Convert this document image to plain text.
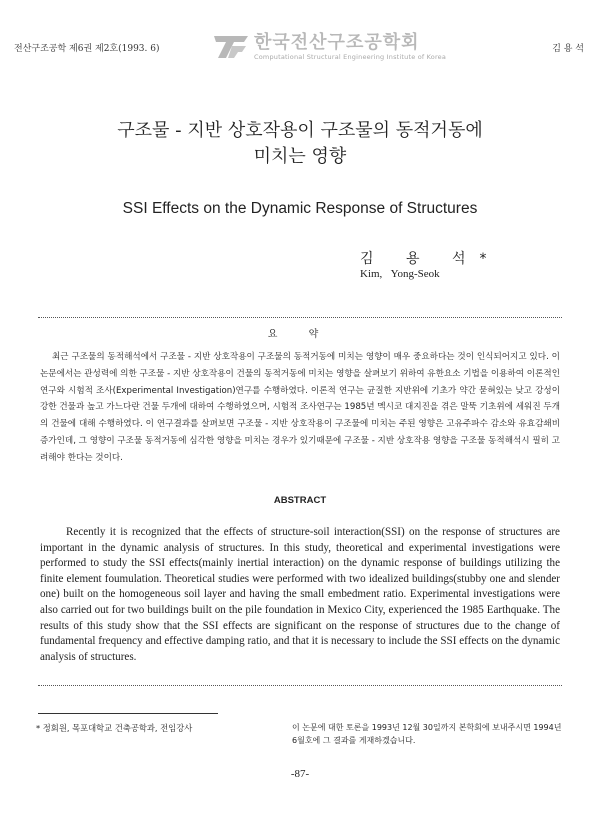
전산구조공학 제6권 제2호(1993. 6)	한국전산구조공학회
Computational Structural Engineering Institute of Korea
김 용 석
구조물 - 지반 상호작용이 구조물의 동적거동에
미치는 영향
SSI Effects on the Dynamic Response of Structures
김 용 석*
Kim, Yong-Seok
요 약

최근 구조물의 동적해석에서 구조물 - 지반 상호작용이 구조물의 동적거동에 미치는 영향이 매우 중요하다는 것이 인식되어지고 있다. 이 논문에서는 관성력에 의한 구조물 - 지반 상호작용이 건물의 동적거동에 미치는 영향을 살펴보기 위하여 유한요소 기법을 이용하여 이론적인 연구와 시험적 조사(Experimental Investigation)연구를 수행하였다. 이론적 연구는 균질한 지반위에 기초가 약간 묻혀있는 낮고 강성이 강한 건물과 높고 가느다란 건물 두개에 대하여 수행하였으며, 시험적 조사연구는 1985년 멕시코 대지진을 겪은 말뚝 기초위에 세워진 두개의 건물에 대해 수행하였다. 이 연구결과를 살펴보면 구조물 - 지반 상호작용이 구조물에 미치는 주된 영향은 고유주파수 감소와 유효감쇄비 증가인데, 그 영향이 구조물 동적거동에 심각한 영향을 미치는 경우가 있기때문에 구조물 - 지반 상호작용 영향을 구조물 동적해석시 필히 고려해야 한다는 것이다.

ABSTRACT

Recently it is recognized that the effects of structure-soil interaction(SSI) on the response of structures are important in the dynamic analysis of structures. In this study, theoretical and experimental investigations were performed to study the SSI effects(mainly inertial interaction) on the dynamic response of buildings utilizing the finite element foumulation. Theoretical studies were performed with two idealized buildings(stubby one and slender one) built on the homogeneous soil layer and having the small embedment ratio. Experimental investigations were also carried out for two buildings built on the pile foundation in Mexico City, experienced the 1985 Earthquake. The results of this study show that the SSI effects are significant on the response of structures due to the change of fundamental frequency and effective damping ratio, and that it is necessary to include the SSI effects on the dynamic analysis of structures.

* 정회원, 목포대학교 건축공학과, 전임강사	이 논문에 대한 토론을 1993년 12월 30일까지 본학회에 보내주시면 1994년 6월호에 그 결과를 게재하겠습니다.
-87-
